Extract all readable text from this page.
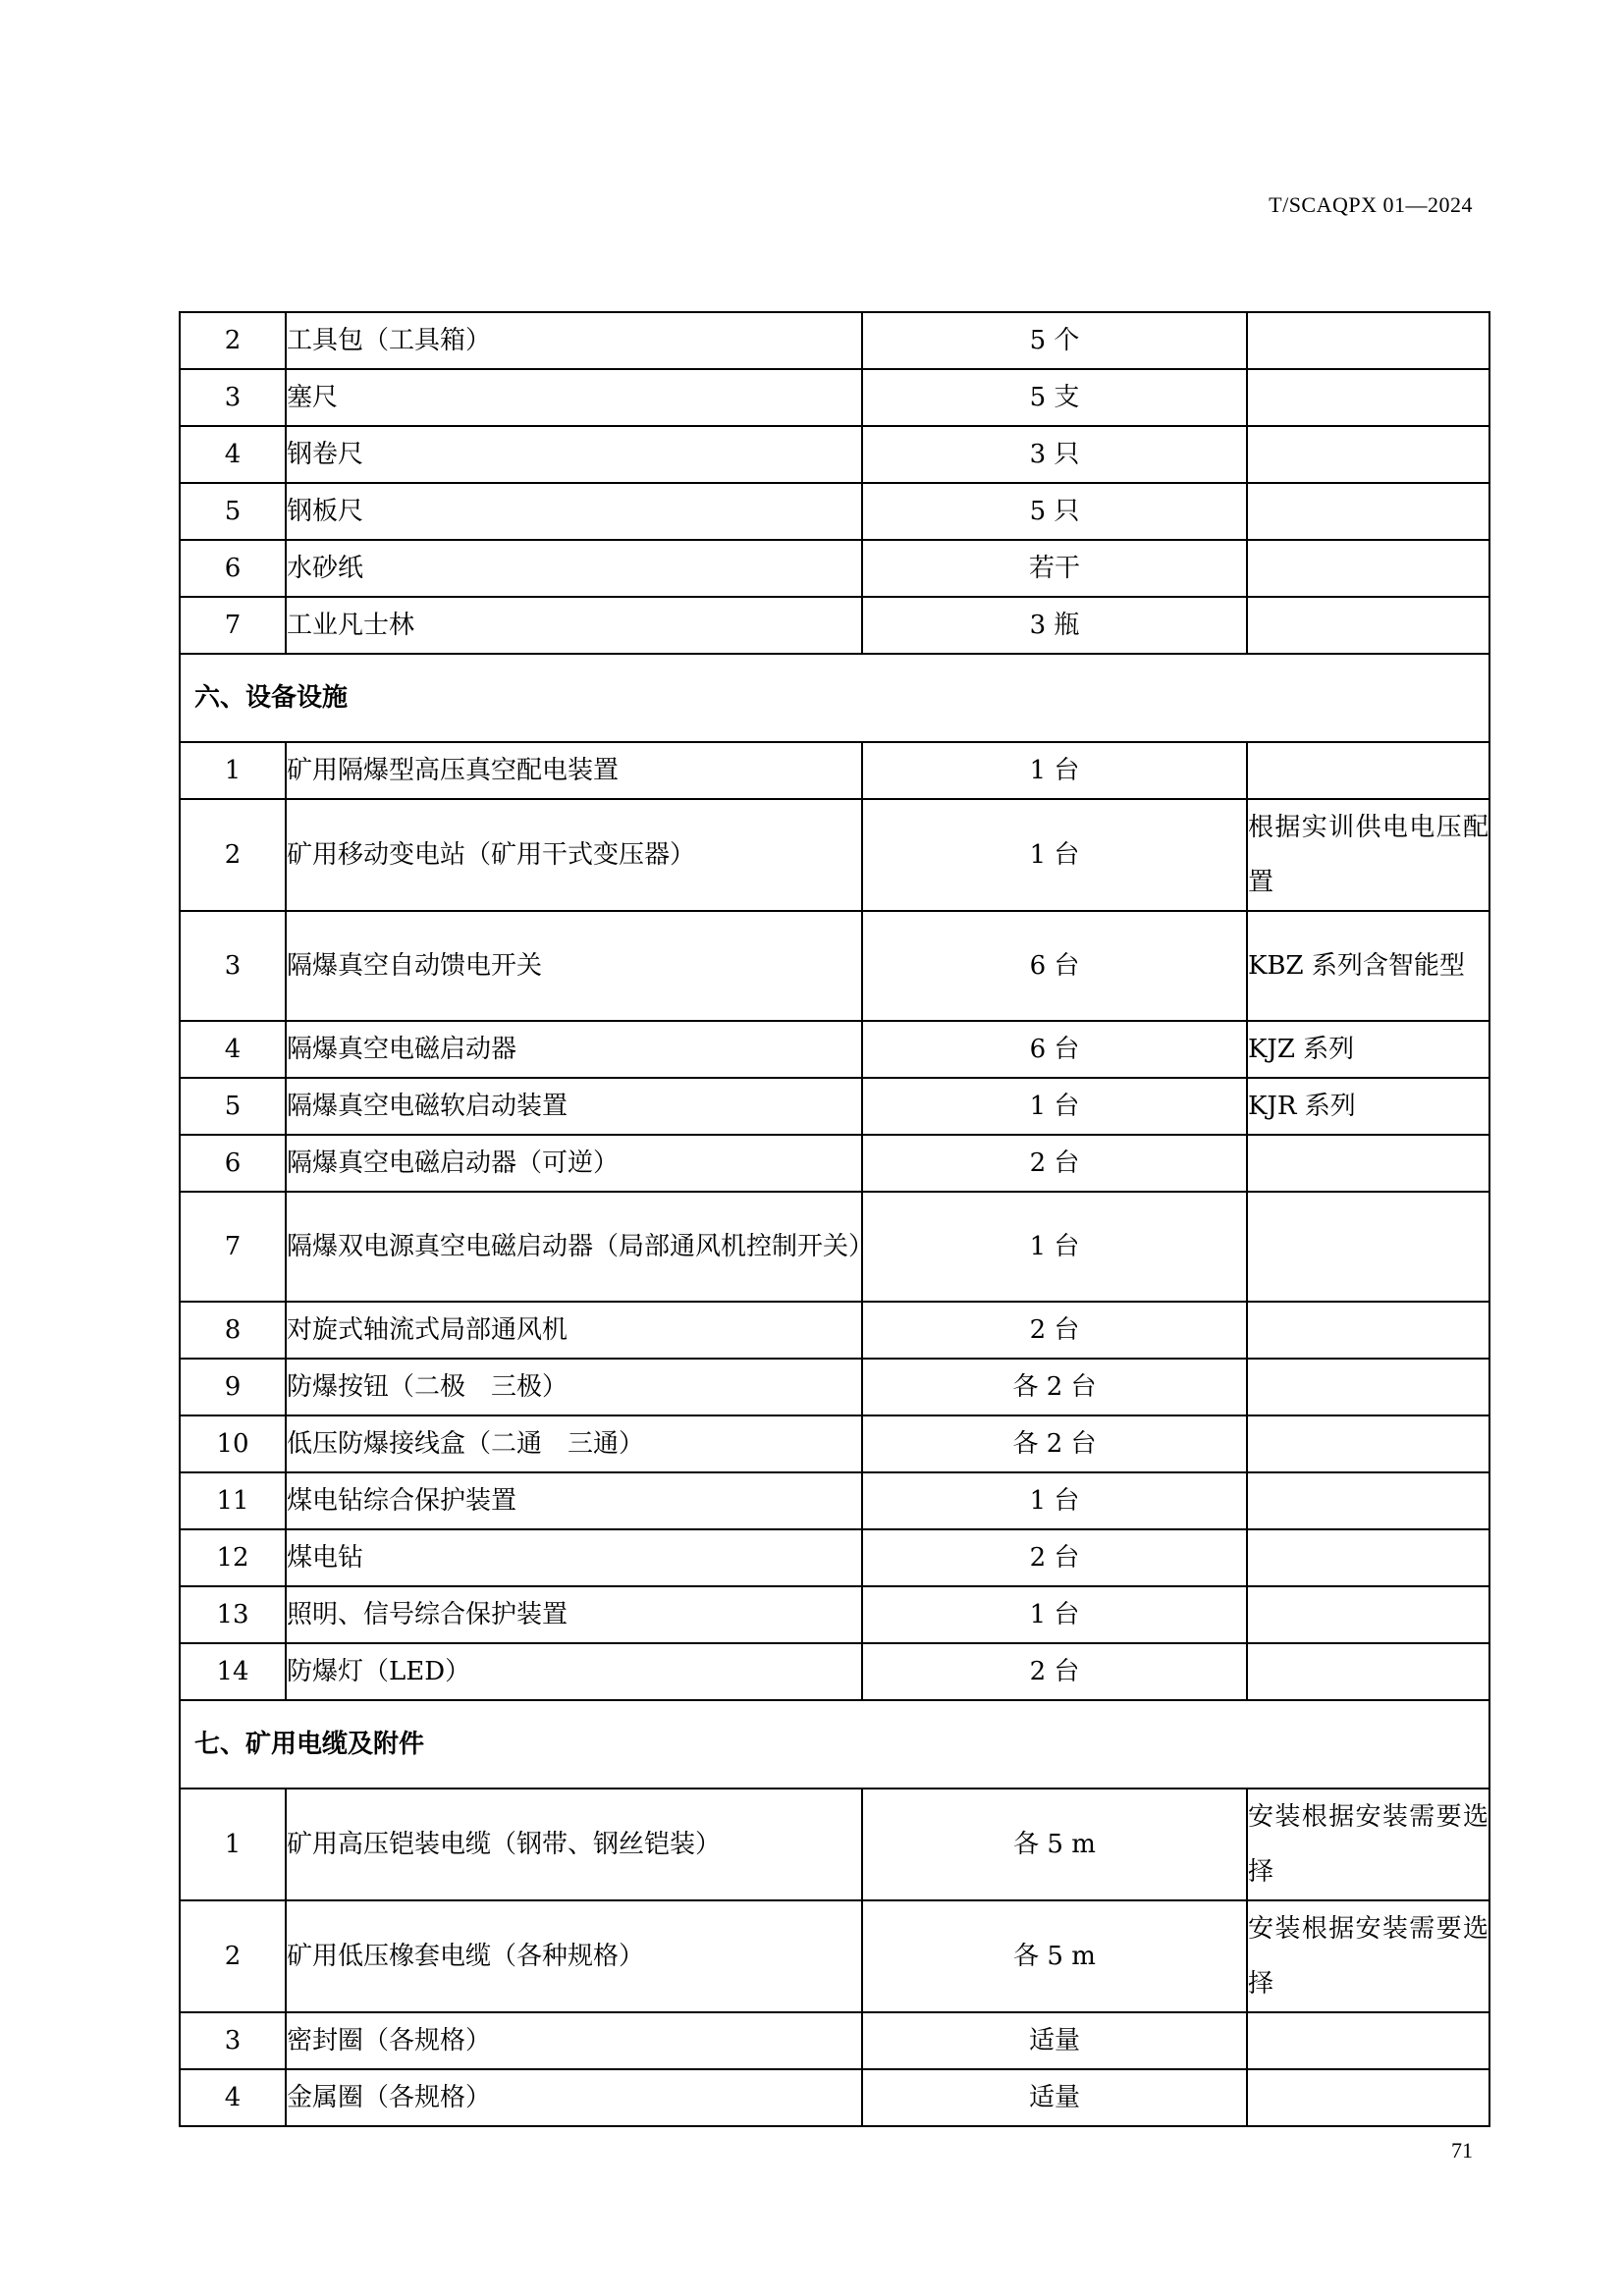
T/SCAQPX 01—2024
2	工具包（工具箱）	5 个	
3	塞尺	5 支	
4	钢卷尺	3 只	
5	钢板尺	5 只	
6	水砂纸	若干	
7	工业凡士林	3 瓶	
六、设备设施			
1	矿用隔爆型高压真空配电装置	1 台	
2	矿用移动变电站（矿用干式变压器）	1 台	根据实训供电电压配置

3	隔爆真空自动馈电开关	6 台	KBZ 系列含智能型

4	隔爆真空电磁启动器	6 台	KJZ 系列
5	隔爆真空电磁软启动装置	1 台	KJR 系列
6	隔爆真空电磁启动器（可逆）	2 台	
7	隔爆双电源真空电磁启动器（局部通风机控制开关）	1 台	
8	对旋式轴流式局部通风机	2 台	
9	防爆按钮（二极　三极）	各 2 台	
10	低压防爆接线盒（二通　三通）	各 2 台	
11	煤电钻综合保护装置	1 台	
12	煤电钻	2 台	
13	照明、信号综合保护装置	1 台	
14	防爆灯（LED）	2 台	
七、矿用电缆及附件			
1	矿用高压铠装电缆（钢带、钢丝铠装）	各 5 m	安装根据安装需要选择

2	矿用低压橡套电缆（各种规格）	各 5 m	安装根据安装需要选择

3	密封圈（各规格）	适量	
4	金属圈（各规格）	适量	
71
